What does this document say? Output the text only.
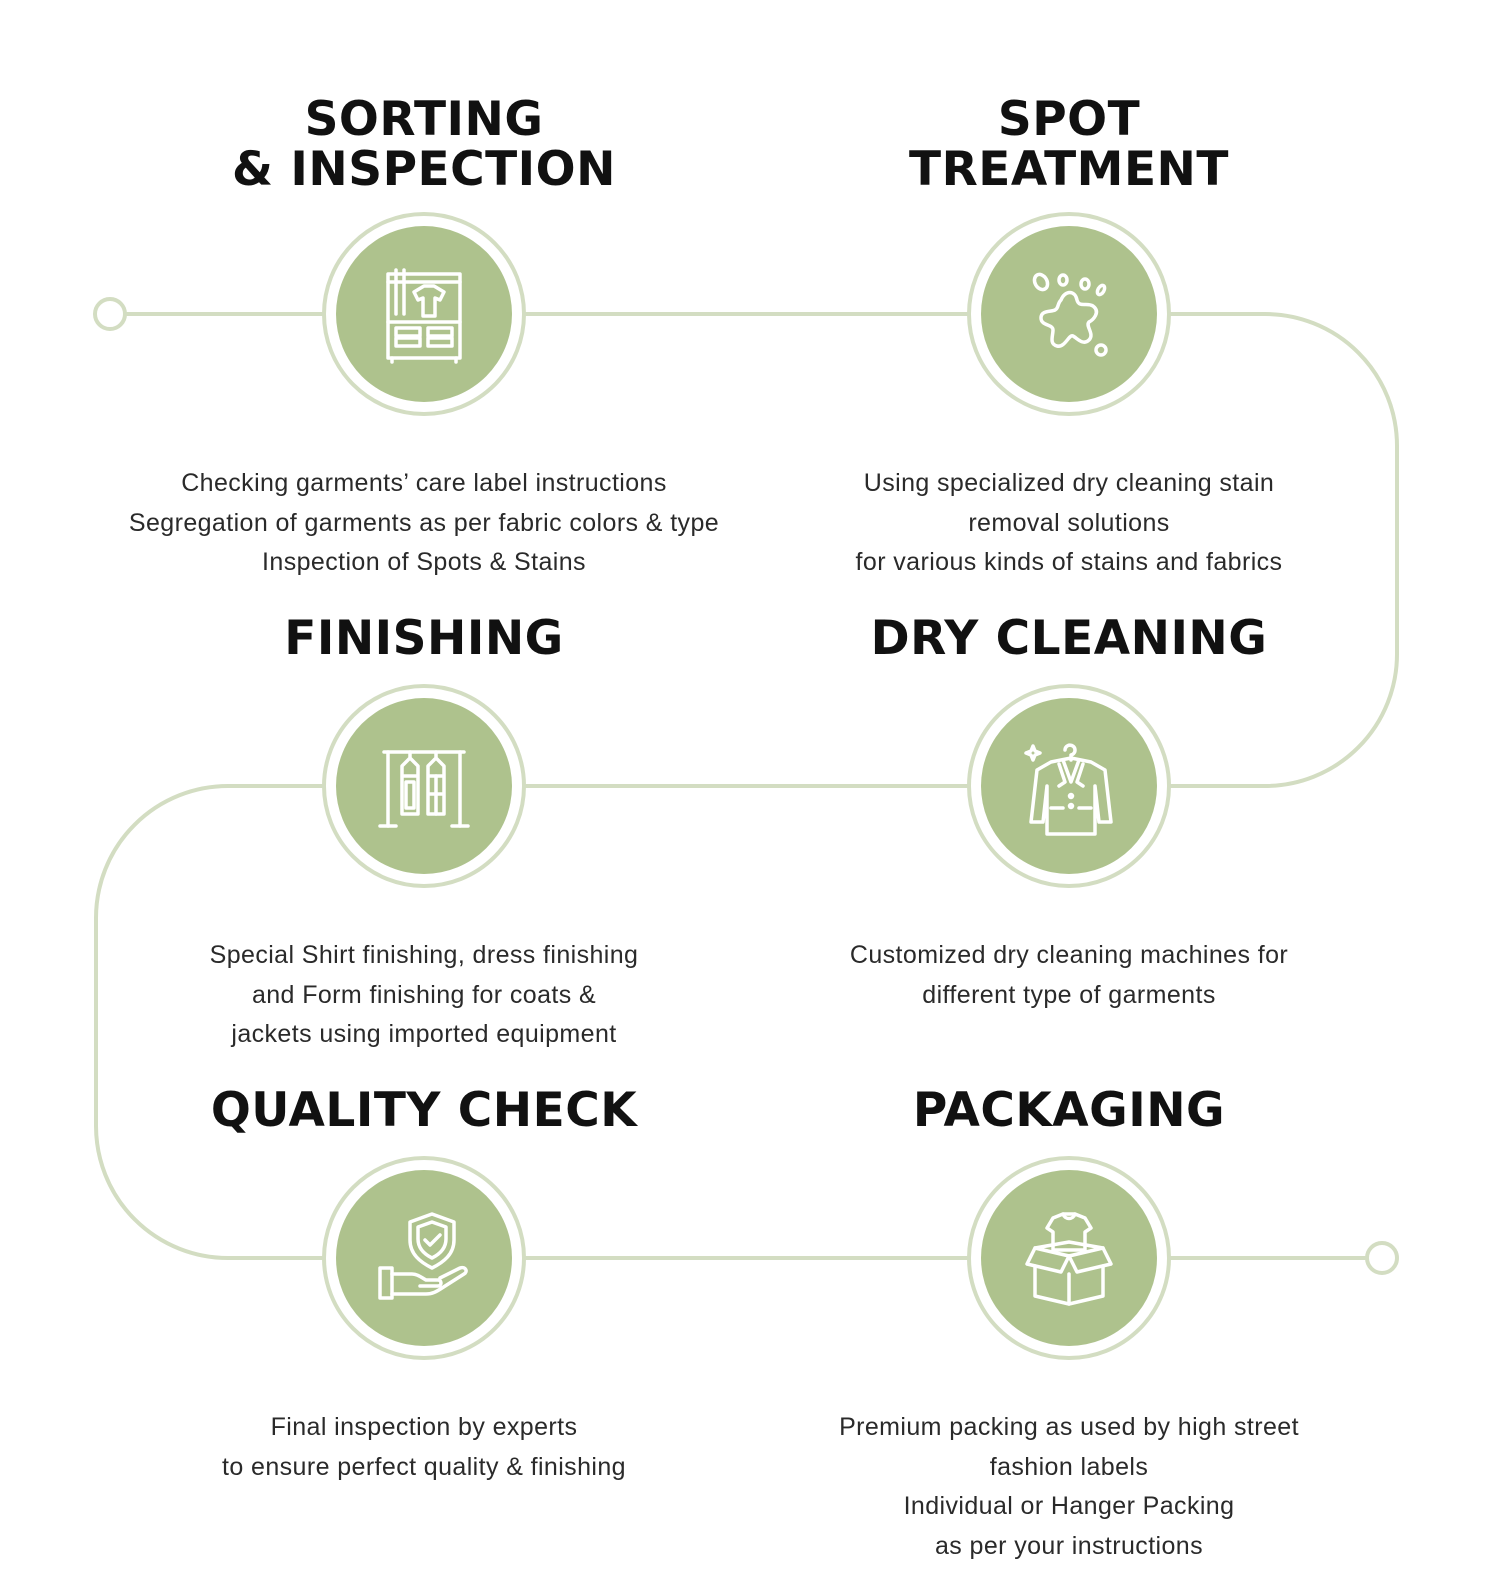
SORTING
& INSPECTION

Checking garments’ care label instructions
Segregation of garments as per fabric colors & type
Inspection of Spots & Stains

SPOT
TREATMENT

Using specialized dry cleaning stain
removal solutions
for various kinds of stains and fabrics

FINISHING

Special Shirt finishing, dress finishing
and Form finishing for coats &
jackets using imported equipment

DRY CLEANING

Customized dry cleaning machines for
different type of garments

QUALITY CHECK

Final inspection by experts
to ensure perfect quality & finishing

PACKAGING

Premium packing as used by high street
fashion labels
Individual or Hanger Packing
as per your instructions
